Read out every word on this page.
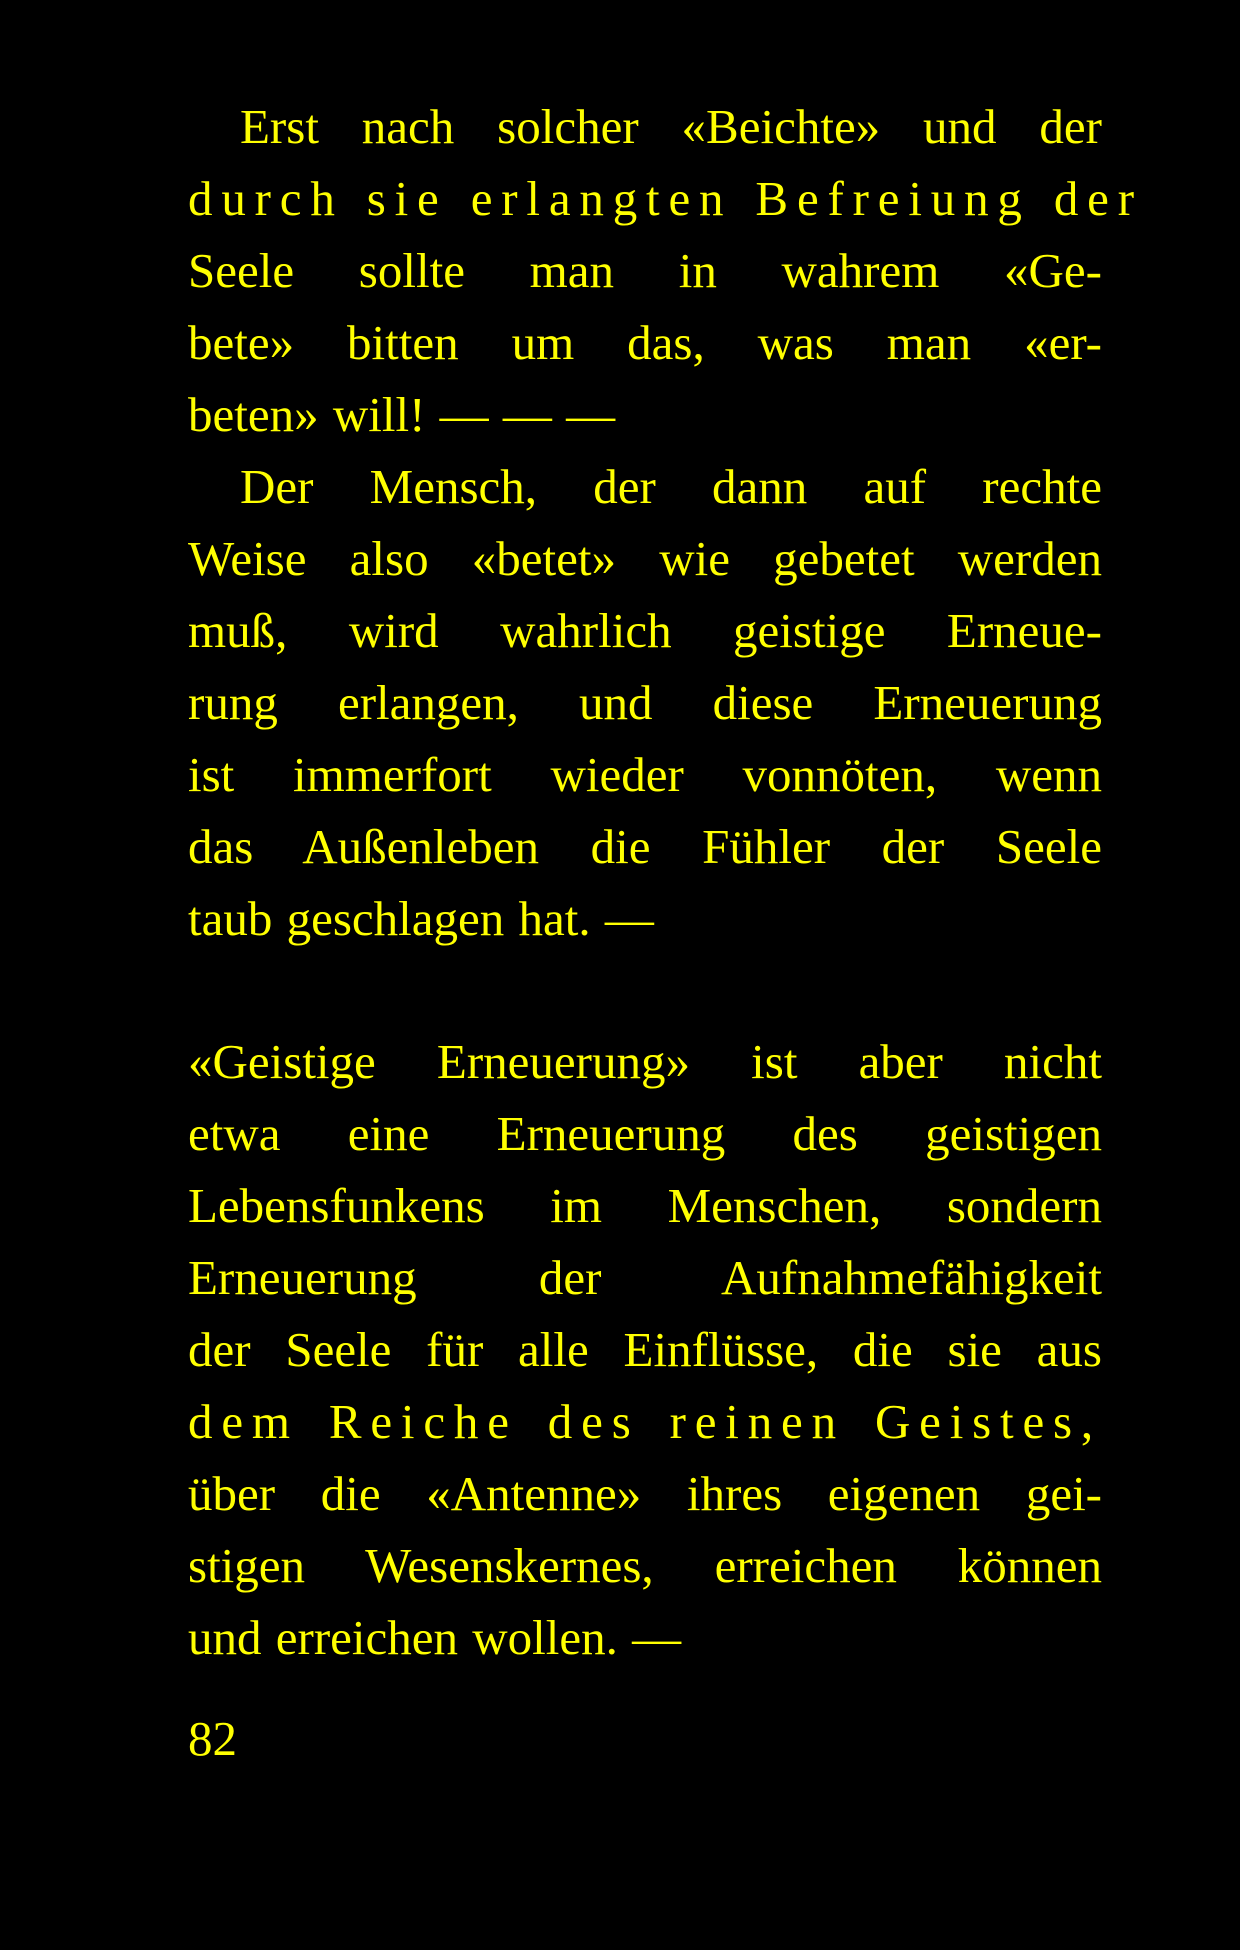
Erst nach solcher «Beichte» und der
durch sie erlangten Befreiung der
Seele sollte man in wahrem «Ge-
bete» bitten um das, was man «er-
beten» will! — — —
Der Mensch, der dann auf rechte
Weise also «betet» wie gebetet werden
muß, wird wahrlich geistige Erneue-
rung erlangen, und diese Erneuerung
ist immerfort wieder vonnöten, wenn
das Außenleben die Fühler der Seele
taub geschlagen hat. —
«Geistige Erneuerung» ist aber nicht
etwa eine Erneuerung des geistigen
Lebensfunkens im Menschen, sondern
Erneuerung der Aufnahmefähigkeit
der Seele für alle Einflüsse, die sie aus
dem Reiche des reinen Geistes,
über die «Antenne» ihres eigenen gei-
stigen Wesenskernes, erreichen können
und erreichen wollen. —
82
